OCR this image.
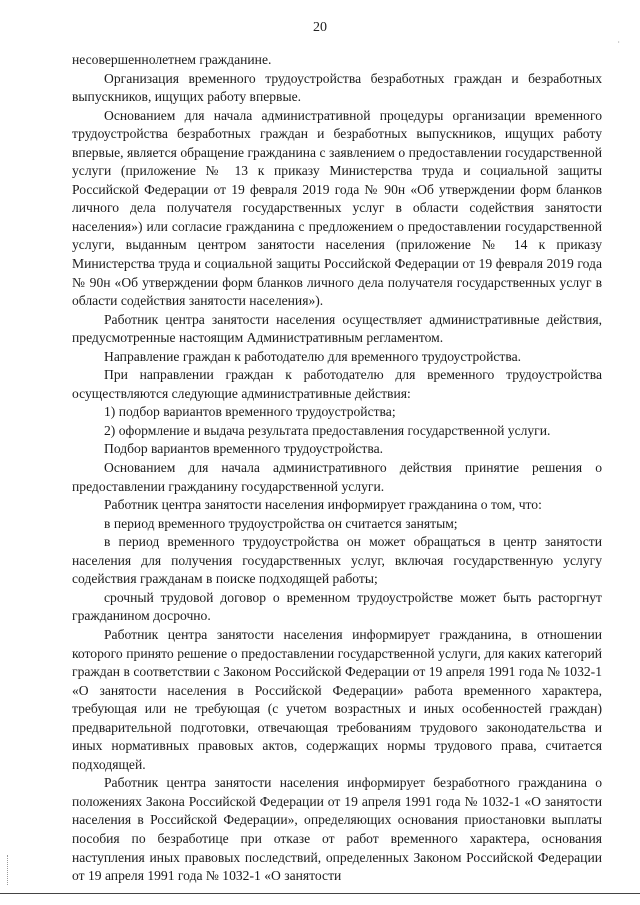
20
·

несовершеннолетнем гражданине.

Организация временного трудоустройства безработных граждан и безработных выпускников, ищущих работу впервые.

Основанием для начала административной процедуры организации временного трудоустройства безработных граждан и безработных выпускников, ищущих работу впервые, является обращение гражданина с заявлением о предоставлении государственной услуги (приложение № 13 к приказу Министерства труда и социальной защиты Российской Федерации от 19 февраля 2019 года № 90н «Об утверждении форм бланков личного дела получателя государственных услуг в области содействия занятости населения») или согласие гражданина с предложением о предоставлении государственной услуги, выданным центром занятости населения (приложение № 14 к приказу Министерства труда и социальной защиты Российской Федерации от 19 февраля 2019 года № 90н «Об утверждении форм бланков личного дела получателя государственных услуг в области содействия занятости населения»).

Работник центра занятости населения осуществляет административные действия, предусмотренные настоящим Административным регламентом.

Направление граждан к работодателю для временного трудоустройства.

При направлении граждан к работодателю для временного трудоустройства осуществляются следующие административные действия:

1) подбор вариантов временного трудоустройства;

2) оформление и выдача результата предоставления государственной услуги.

Подбор вариантов временного трудоустройства.

Основанием для начала административного действия принятие решения о предоставлении гражданину государственной услуги.

Работник центра занятости населения информирует гражданина о том, что:

в период временного трудоустройства он считается занятым;

в период временного трудоустройства он может обращаться в центр занятости населения для получения государственных услуг, включая государственную услугу содействия гражданам в поиске подходящей работы;

срочный трудовой договор о временном трудоустройстве может быть расторгнут гражданином досрочно.

Работник центра занятости населения информирует гражданина, в отношении которого принято решение о предоставлении государственной услуги, для каких категорий граждан в соответствии с Законом Российской Федерации от 19 апреля 1991 года № 1032-1 «О занятости населения в Российской Федерации» работа временного характера, требующая или не требующая (с учетом возрастных и иных особенностей граждан) предварительной подготовки, отвечающая требованиям трудового законодательства и иных нормативных правовых актов, содержащих нормы трудового права, считается подходящей.

Работник центра занятости населения информирует безработного гражданина о положениях Закона Российской Федерации от 19 апреля 1991 года № 1032-1 «О занятости населения в Российской Федерации», определяющих основания приостановки выплаты пособия по безработице при отказе от работ временного характера, основания наступления иных правовых последствий, определенных Законом Российской Федерации от 19 апреля 1991 года № 1032-1 «О занятости
